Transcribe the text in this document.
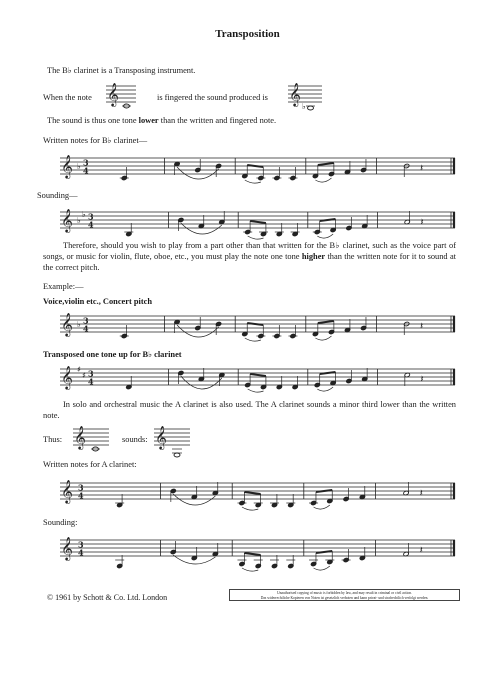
Transposition
The B♭ clarinet is a Transposing instrument.
When the note 𝄞	is fingered the sound produced is 𝄞
♭
The sound is thus one tone lower than the written and fingered note.
Written notes for B♭ clarinet—
𝄞 ♭ 3
4	𝄽
Sounding—
𝄞 ♭
♭ 3
4	𝄽
Therefore, should you wish to play from a part other than that written for the B♭ clarinet, such as the voice part of songs, or music for violin, flute, oboe, etc., you must play the note one tone higher than the written note for it to sound at the correct pitch.
Example:—
Voice,violin etc., Concert pitch
𝄞 ♭ 3
4	𝄽
Transposed one tone up for B♭ clarinet
𝄞 ♯
♯ 3
4	𝄽
In solo and orchestral music the A clarinet is also used. The A clarinet sounds a minor third lower than the written note.
Thus: 𝄞	sounds: 𝄞
Written notes for A clarinet:
𝄞 3
4	𝄽
Sounding:
𝄞 3
4	𝄽
© 1961 by Schott & Co. Ltd. London	Unauthorised copying of music is forbidden by law, and may result in criminal or civil action.
Das widerrechtliche Kopieren von Noten ist gesetzlich verboten und kann privat- und strafrechtlich verfolgt werden.
